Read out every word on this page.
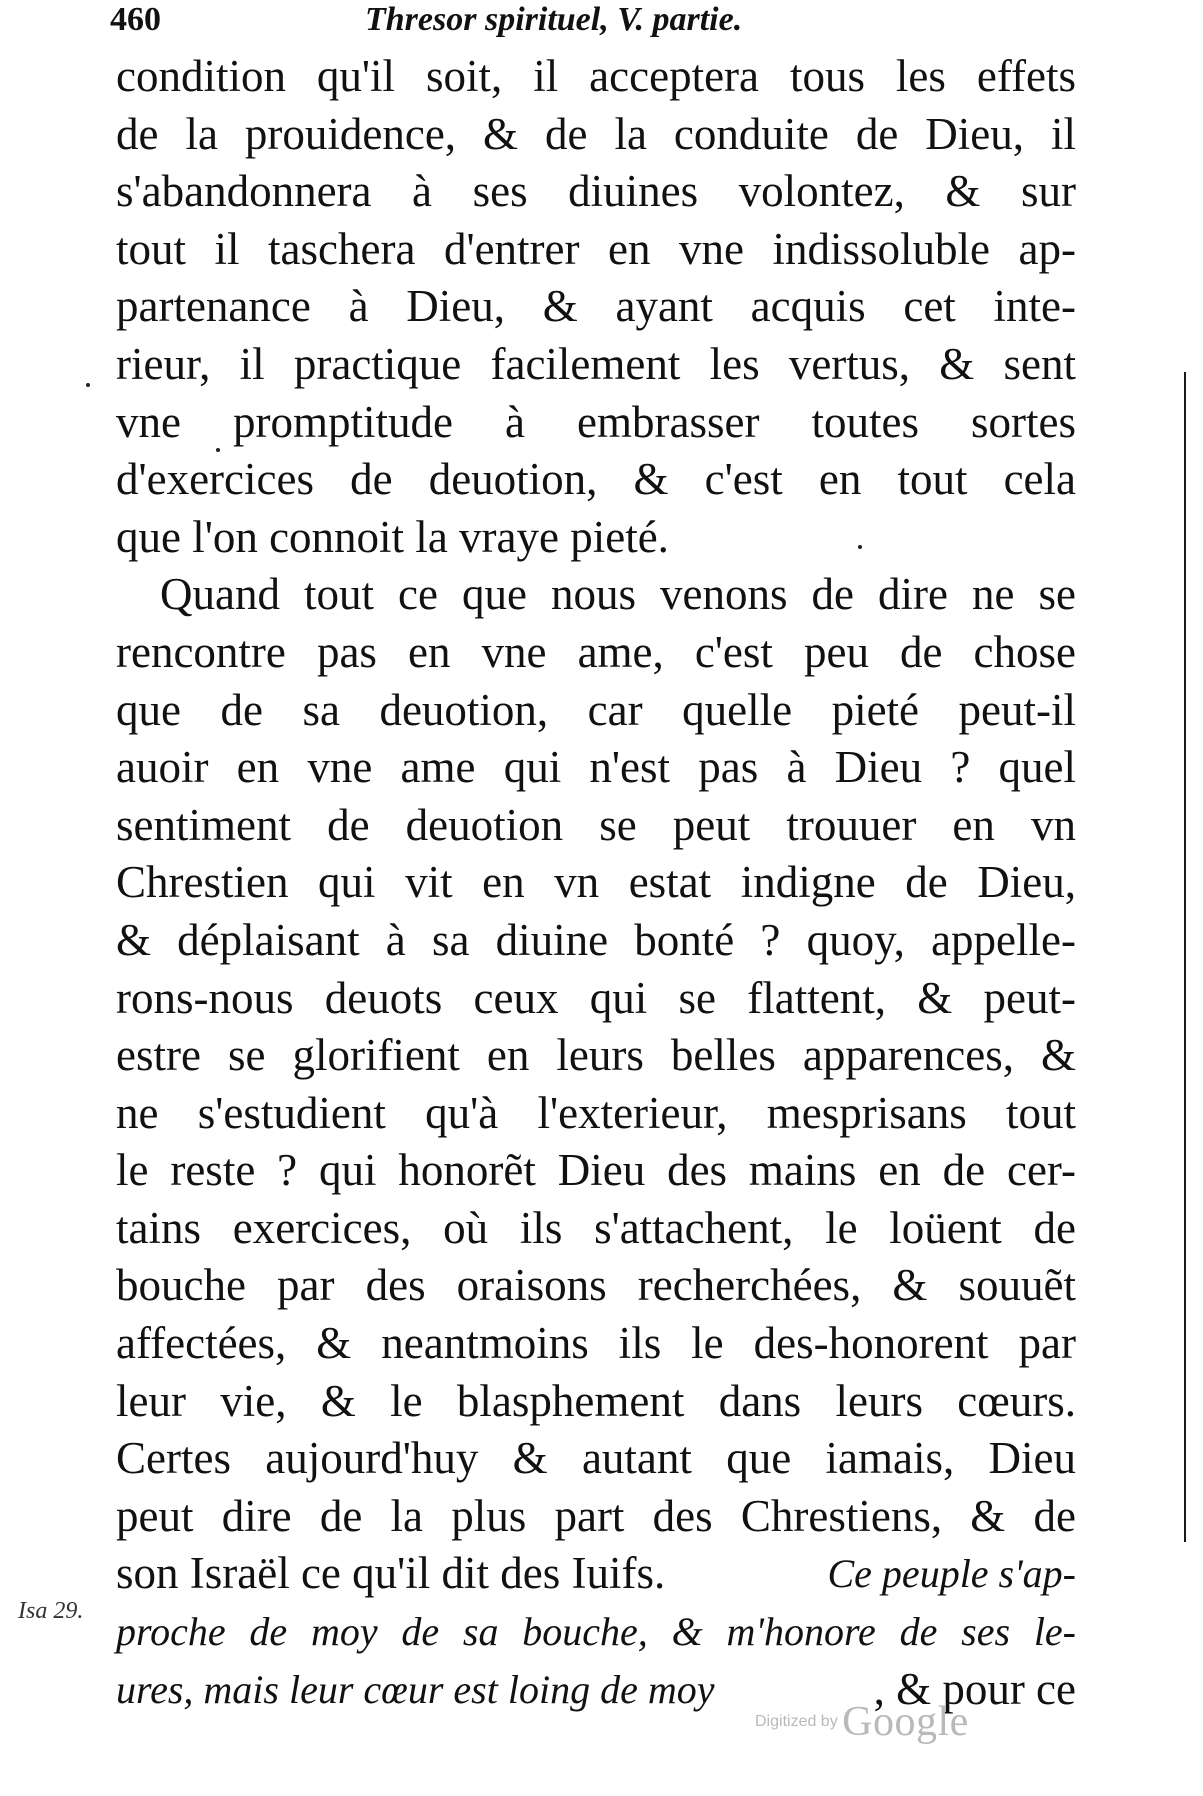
460	Thresor spirituel, V. partie.
condition qu'il soit, il acceptera tous les effets
de la prouidence, & de la conduite de Dieu, il
s'abandonnera à ses diuines volontez, & sur
tout il taschera d'entrer en vne indissoluble ap-
partenance à Dieu, & ayant acquis cet inte-
rieur, il practique facilement les vertus, & sent
vne promptitude à embrasser toutes sortes
d'exercices de deuotion, & c'est en tout cela
que l'on connoit la vraye pieté.
Quand tout ce que nous venons de dire ne se
rencontre pas en vne ame, c'est peu de chose
que de sa deuotion, car quelle pieté peut-il
auoir en vne ame qui n'est pas à Dieu ? quel
sentiment de deuotion se peut trouuer en vn
Chrestien qui vit en vn estat indigne de Dieu,
& déplaisant à sa diuine bonté ? quoy, appelle-
rons-nous deuots ceux qui se flattent, & peut-
estre se glorifient en leurs belles apparences, &
ne s'estudient qu'à l'exterieur, mesprisans tout
le reste ? qui honorẽt Dieu des mains en de cer-
tains exercices, où ils s'attachent, le loüent de
bouche par des oraisons recherchées, & souuẽt
affectées, & neantmoins ils le des-honorent par
leur vie, & le blasphement dans leurs cœurs.
Certes aujourd'huy & autant que iamais, Dieu
peut dire de la plus part des Chrestiens, & de
son Israël ce qu'il dit des Iuifs.	Ce peuple s'ap-
proche de moy de sa bouche, & m'honore de ses le-
ures, mais leur cœur est loing de moy	, & pour ce
Isa 29.
Digitized by Google
